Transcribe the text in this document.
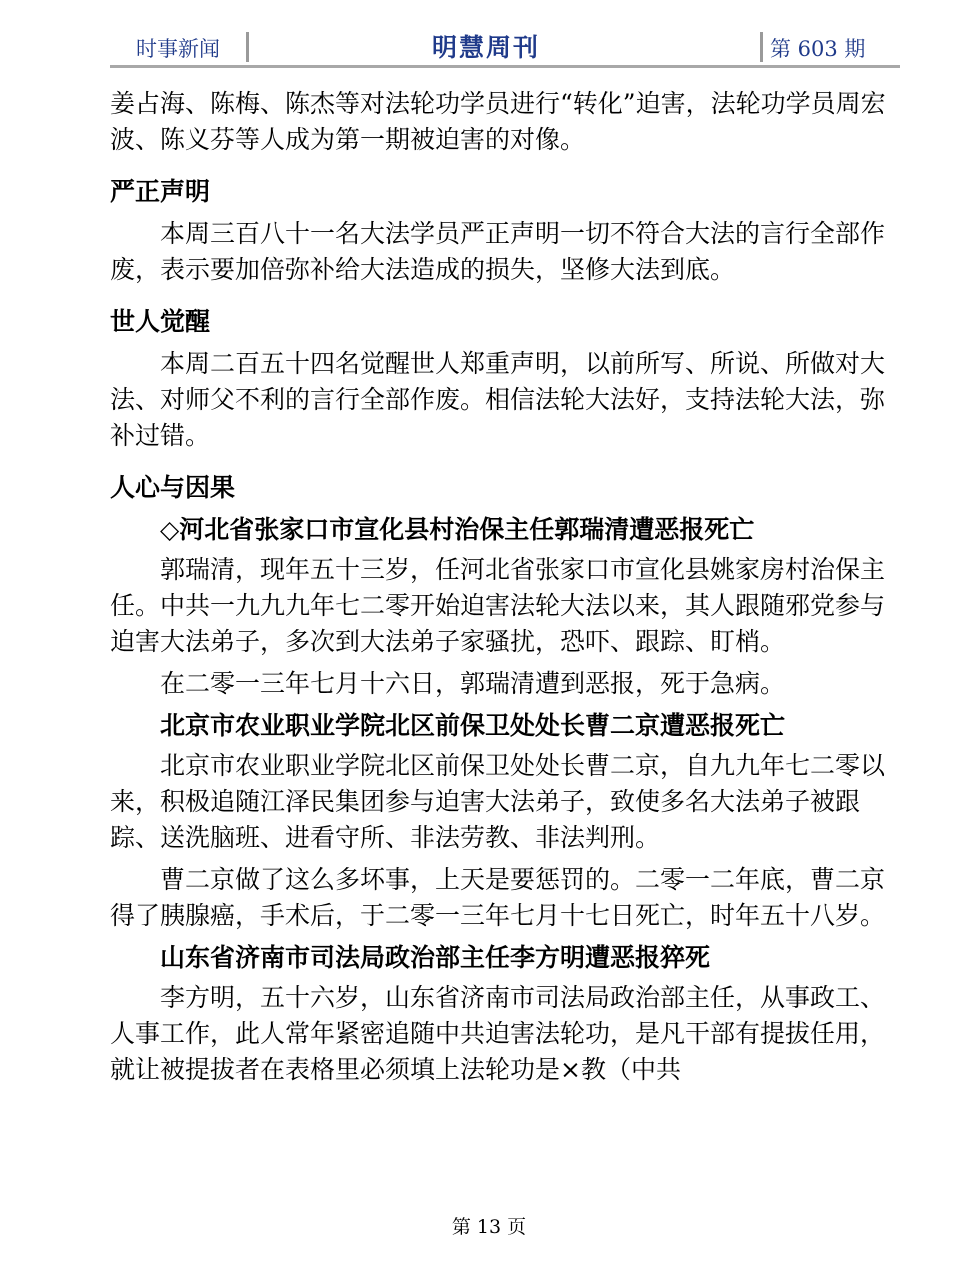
时事新闻	明慧周刊	第 603 期

姜占海、陈梅、陈杰等对法轮功学员进行“转化”迫害，法轮功学员周宏波、陈义芬等人成为第一期被迫害的对像。

严正声明

本周三百八十一名大法学员严正声明一切不符合大法的言行全部作废，表示要加倍弥补给大法造成的损失，坚修大法到底。

世人觉醒

本周二百五十四名觉醒世人郑重声明，以前所写、所说、所做对大法、对师父不利的言行全部作废。相信法轮大法好，支持法轮大法，弥补过错。

人心与因果

◇河北省张家口市宣化县村治保主任郭瑞清遭恶报死亡

郭瑞清，现年五十三岁，任河北省张家口市宣化县姚家房村治保主任。中共一九九九年七二零开始迫害法轮大法以来，其人跟随邪党参与迫害大法弟子，多次到大法弟子家骚扰，恐吓、跟踪、盯梢。

在二零一三年七月十六日，郭瑞清遭到恶报，死于急病。

北京市农业职业学院北区前保卫处处长曹二京遭恶报死亡

北京市农业职业学院北区前保卫处处长曹二京，自九九年七二零以来，积极追随江泽民集团参与迫害大法弟子，致使多名大法弟子被跟踪、送洗脑班、进看守所、非法劳教、非法判刑。

曹二京做了这么多坏事，上天是要惩罚的。二零一二年底，曹二京得了胰腺癌，手术后，于二零一三年七月十七日死亡，时年五十八岁。

山东省济南市司法局政治部主任李方明遭恶报猝死

李方明，五十六岁，山东省济南市司法局政治部主任，从事政工、人事工作，此人常年紧密追随中共迫害法轮功，是凡干部有提拔任用，就让被提拔者在表格里必须填上法轮功是×教（中共

第 13 页
